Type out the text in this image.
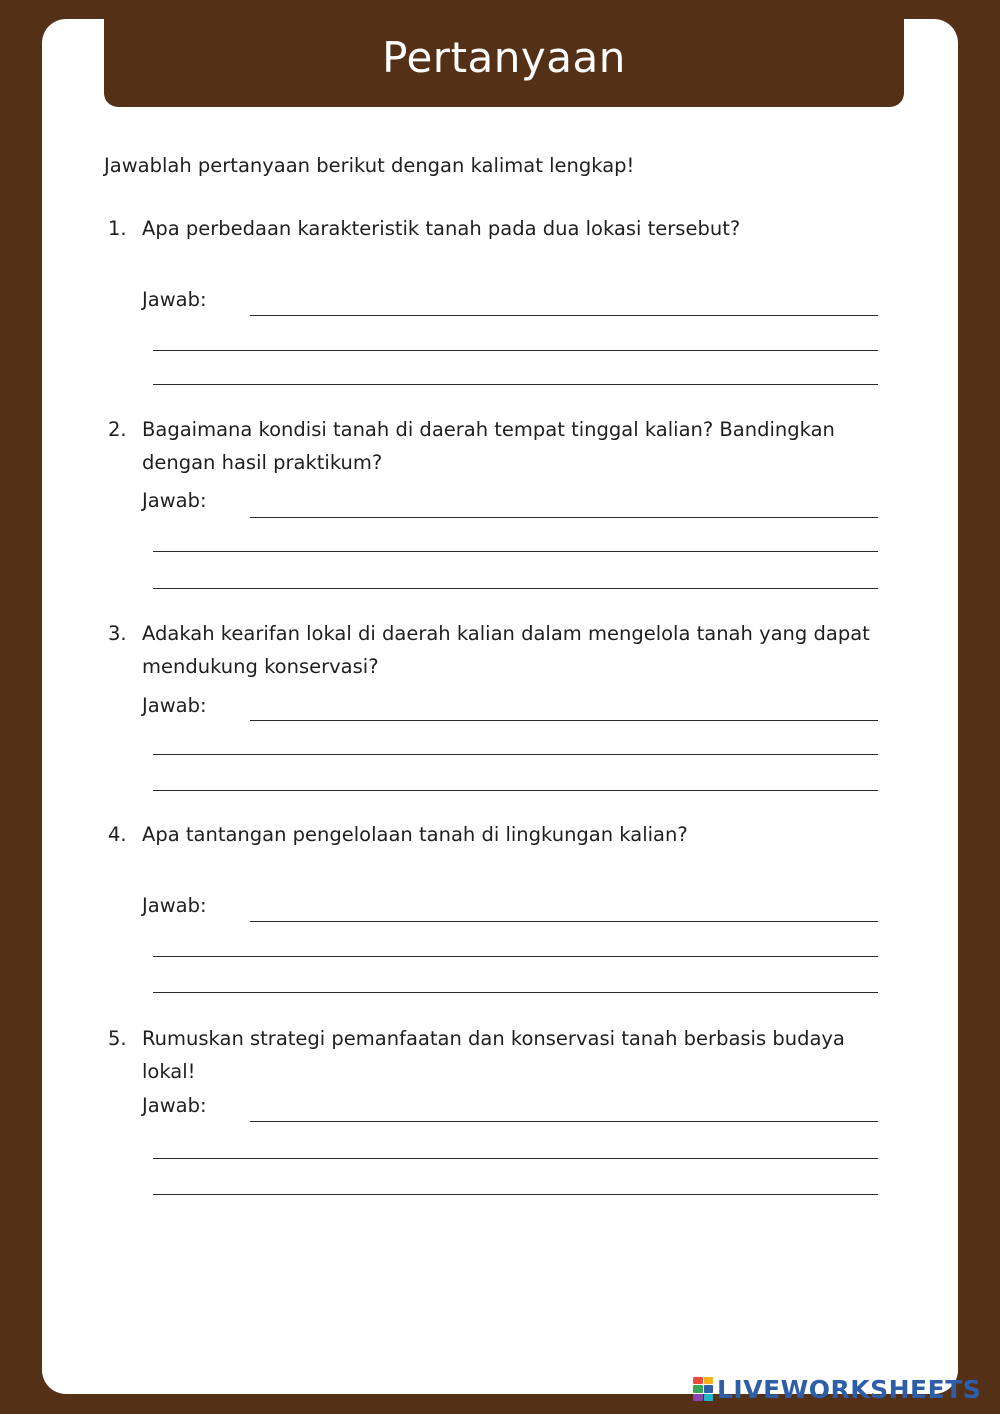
Pertanyaan
Jawablah pertanyaan berikut dengan kalimat lengkap!
1. Apa perbedaan karakteristik tanah pada dua lokasi tersebut?
Jawab:
2. Bagaimana kondisi tanah di daerah tempat tinggal kalian? Bandingkan dengan hasil praktikum?
Jawab:
3. Adakah kearifan lokal di daerah kalian dalam mengelola tanah yang dapat mendukung konservasi?
Jawab:
4. Apa tantangan pengelolaan tanah di lingkungan kalian?
Jawab:
5. Rumuskan strategi pemanfaatan dan konservasi tanah berbasis budaya lokal!
Jawab:
LIVEWORKSHEETS
